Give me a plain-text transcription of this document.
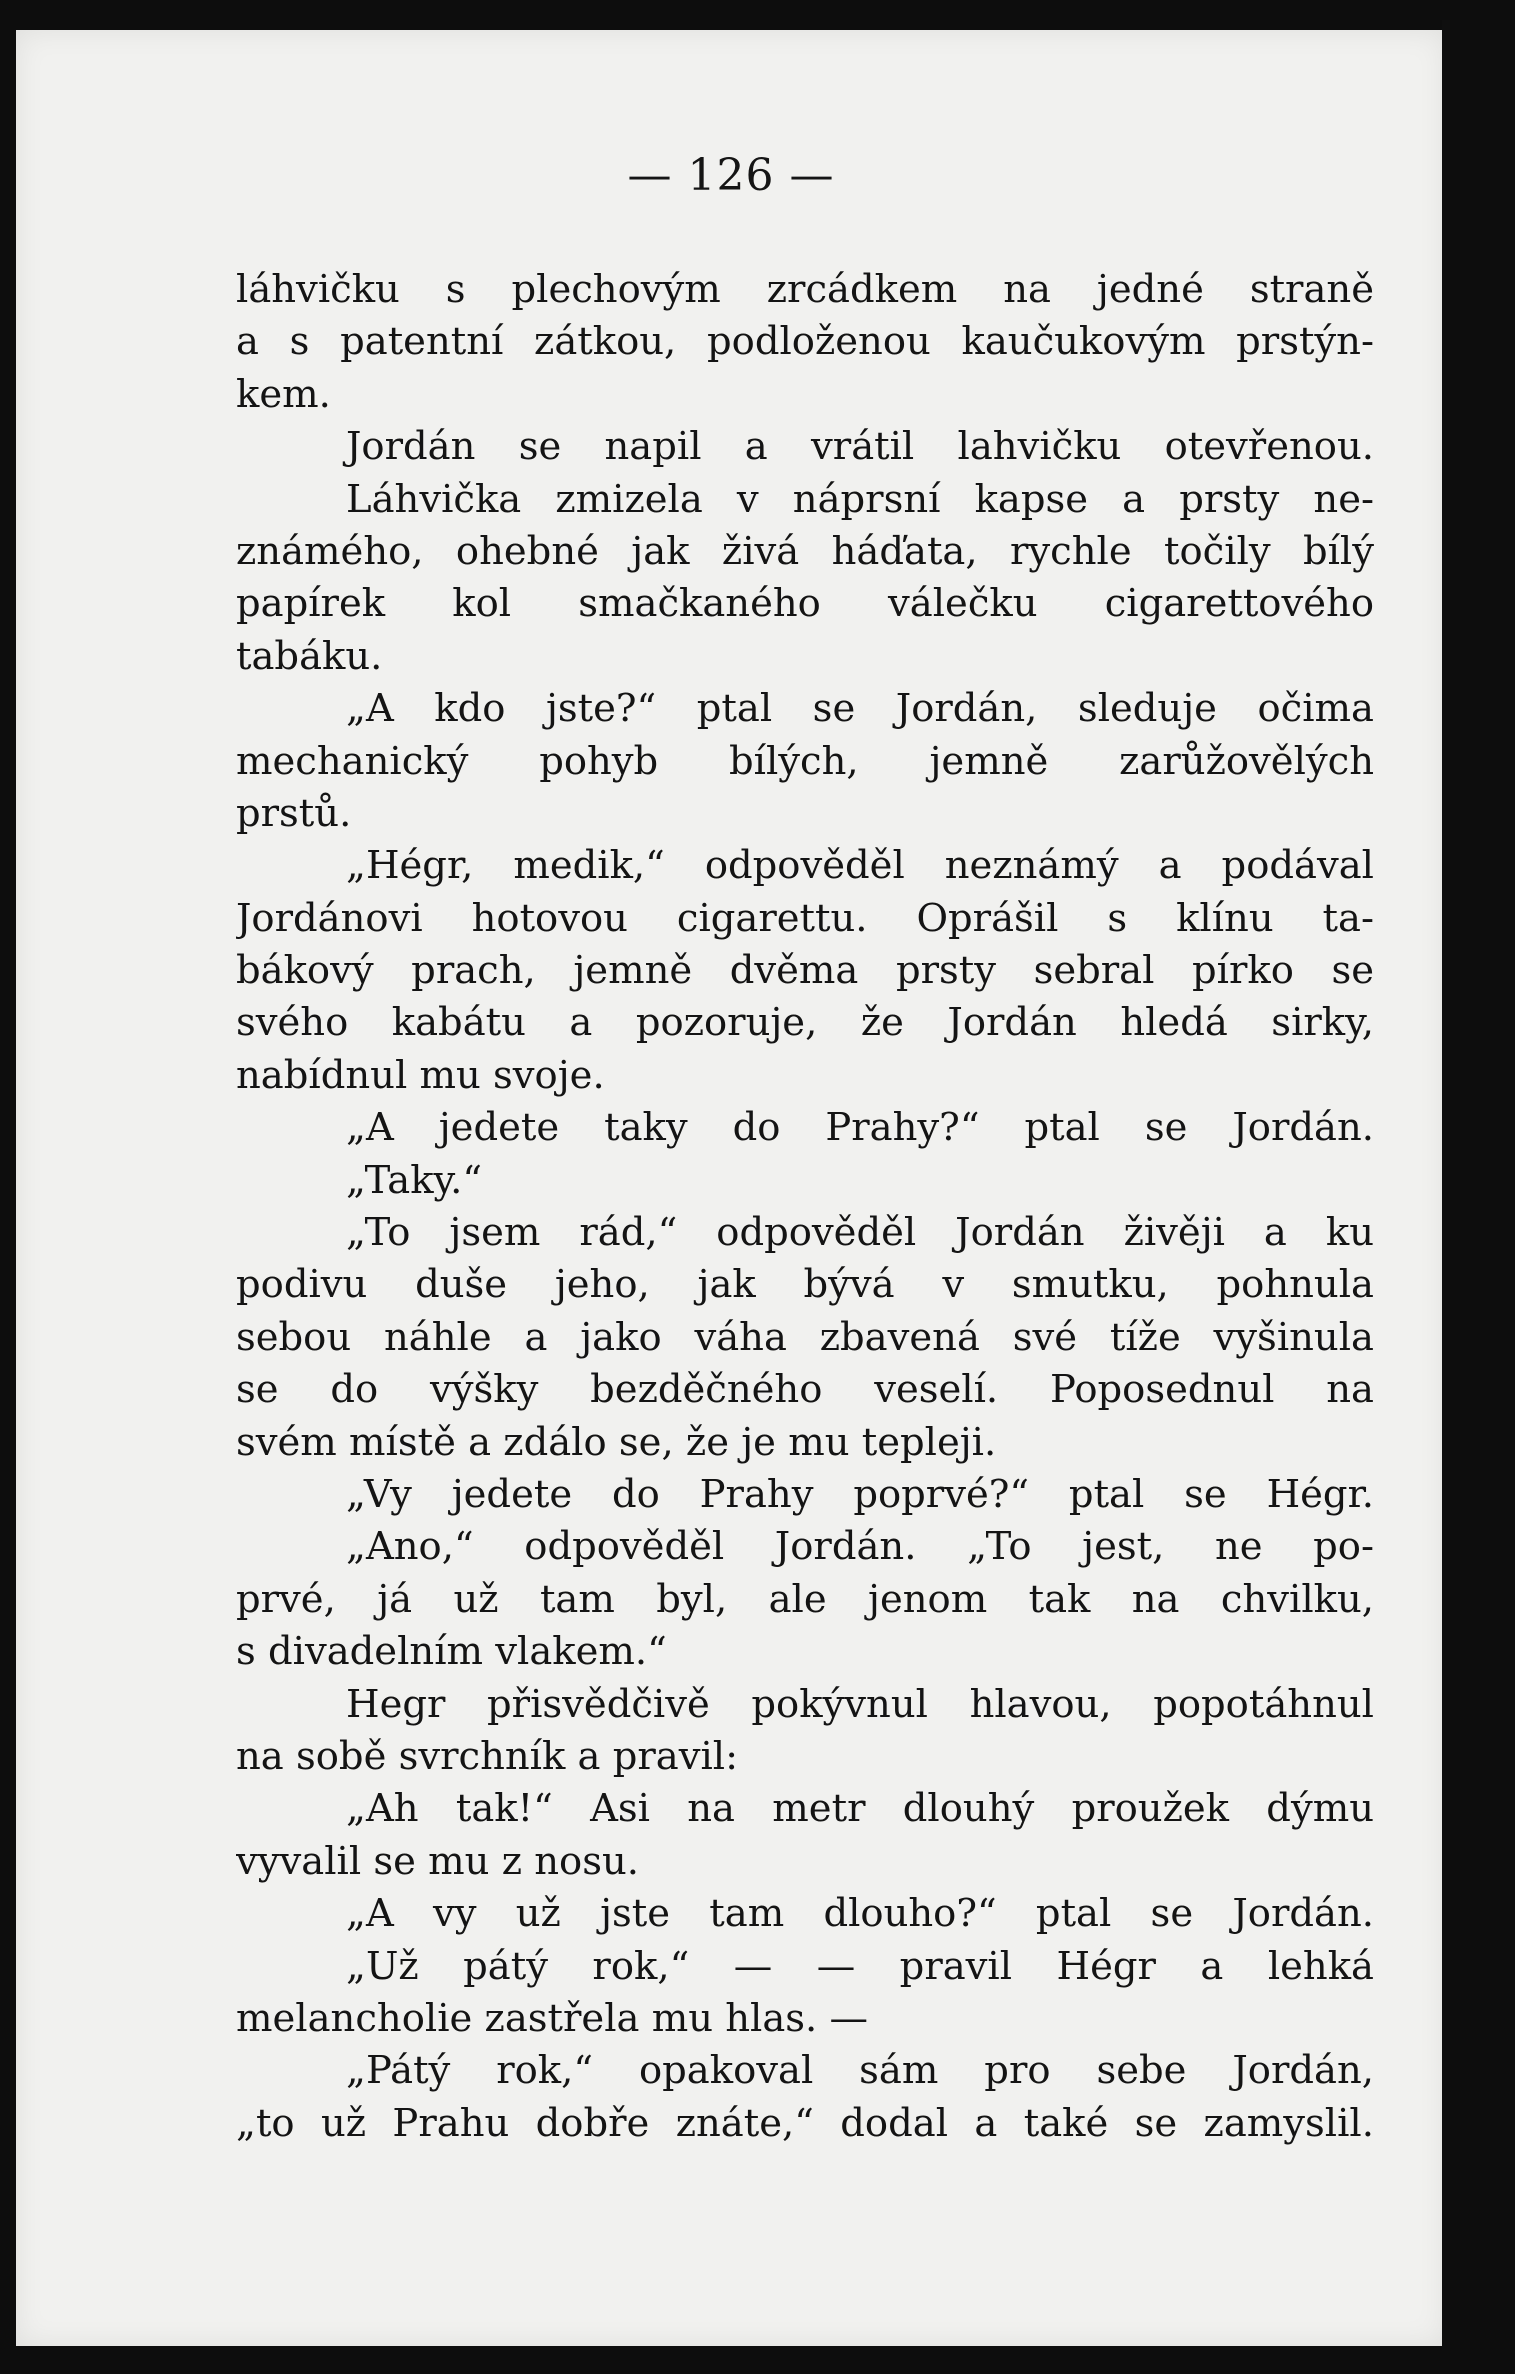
— 126 —
láhvičku s plechovým zrcádkem na jedné straně
a s patentní zátkou, podloženou kaučukovým prstýn-
kem.
Jordán se napil a vrátil lahvičku otevřenou.
Láhvička zmizela v náprsní kapse a prsty ne-
známého, ohebné jak živá háďata, rychle točily bílý
papírek kol smačkaného válečku cigarettového
tabáku.
„A kdo jste?“ ptal se Jordán, sleduje očima
mechanický pohyb bílých, jemně zarůžovělých
prstů.
„Hégr, medik,“ odpověděl neznámý a podával
Jordánovi hotovou cigarettu. Oprášil s klínu ta-
bákový prach, jemně dvěma prsty sebral pírko se
svého kabátu a pozoruje, že Jordán hledá sirky,
nabídnul mu svoje.
„A jedete taky do Prahy?“ ptal se Jordán.
„Taky.“
„To jsem rád,“ odpověděl Jordán živěji a ku
podivu duše jeho, jak bývá v smutku, pohnula
sebou náhle a jako váha zbavená své tíže vyšinula
se do výšky bezděčného veselí. Poposednul na
svém místě a zdálo se, že je mu tepleji.
„Vy jedete do Prahy poprvé?“ ptal se Hégr.
„Ano,“ odpověděl Jordán. „To jest, ne po-
prvé, já už tam byl, ale jenom tak na chvilku,
s divadelním vlakem.“
Hegr přisvědčivě pokývnul hlavou, popotáhnul
na sobě svrchník a pravil:
„Ah tak!“ Asi na metr dlouhý proužek dýmu
vyvalil se mu z nosu.
„A vy už jste tam dlouho?“ ptal se Jordán.
„Už pátý rok,“ — — pravil Hégr a lehká
melancholie zastřela mu hlas. —
„Pátý rok,“ opakoval sám pro sebe Jordán,
„to už Prahu dobře znáte,“ dodal a také se zamyslil.
